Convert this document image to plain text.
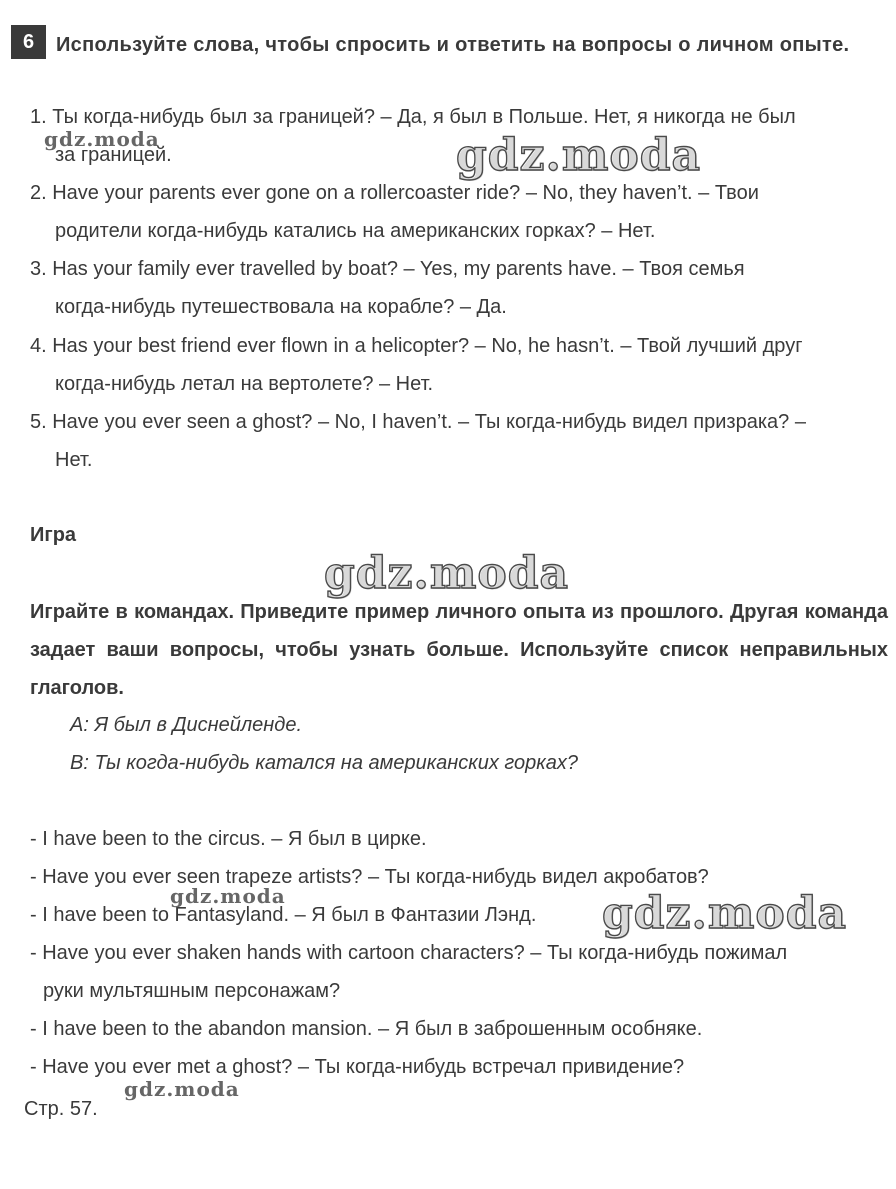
6	Используйте слова, чтобы спросить и ответить на вопросы о личном опыте.
1. Ты когда-нибудь был за границей? – Да, я был в Польше. Нет, я никогда не был
за границей.
2. Have your parents ever gone on a rollercoaster ride? – No, they haven’t. – Твои
родители когда-нибудь катались на американских горках? – Нет.
3. Has your family ever travelled by boat? – Yes, my parents have. – Твоя семья
когда-нибудь путешествовала на корабле? – Да.
4. Has your best friend ever flown in a helicopter? – No, he hasn’t. – Твой лучший друг
когда-нибудь летал на вертолете? – Нет.
5. Have you ever seen a ghost? – No, I haven’t. – Ты когда-нибудь видел призрака? –
Нет.
Игра
Играйте в командах. Приведите пример личного опыта из прошлого. Другая команда задает ваши вопросы, чтобы узнать больше. Используйте список неправильных глаголов.
А: Я был в Диснейленде.
В: Ты когда-нибудь катался на американских горках?
- I have been to the circus. – Я был в цирке.
- Have you ever seen trapeze artists? – Ты когда-нибудь видел акробатов?
- I have been to Fantasyland. – Я был в Фантазии Лэнд.
- Have you ever shaken hands with cartoon characters? – Ты когда-нибудь пожимал
руки мультяшным персонажам?
- I have been to the abandon mansion. – Я был в заброшенным особняке.
- Have you ever met a ghost? – Ты когда-нибудь встречал привидение?
Стр. 57.
gdz.moda	gdz.moda
gdz.moda
gdz.moda	gdz.moda
gdz.moda
